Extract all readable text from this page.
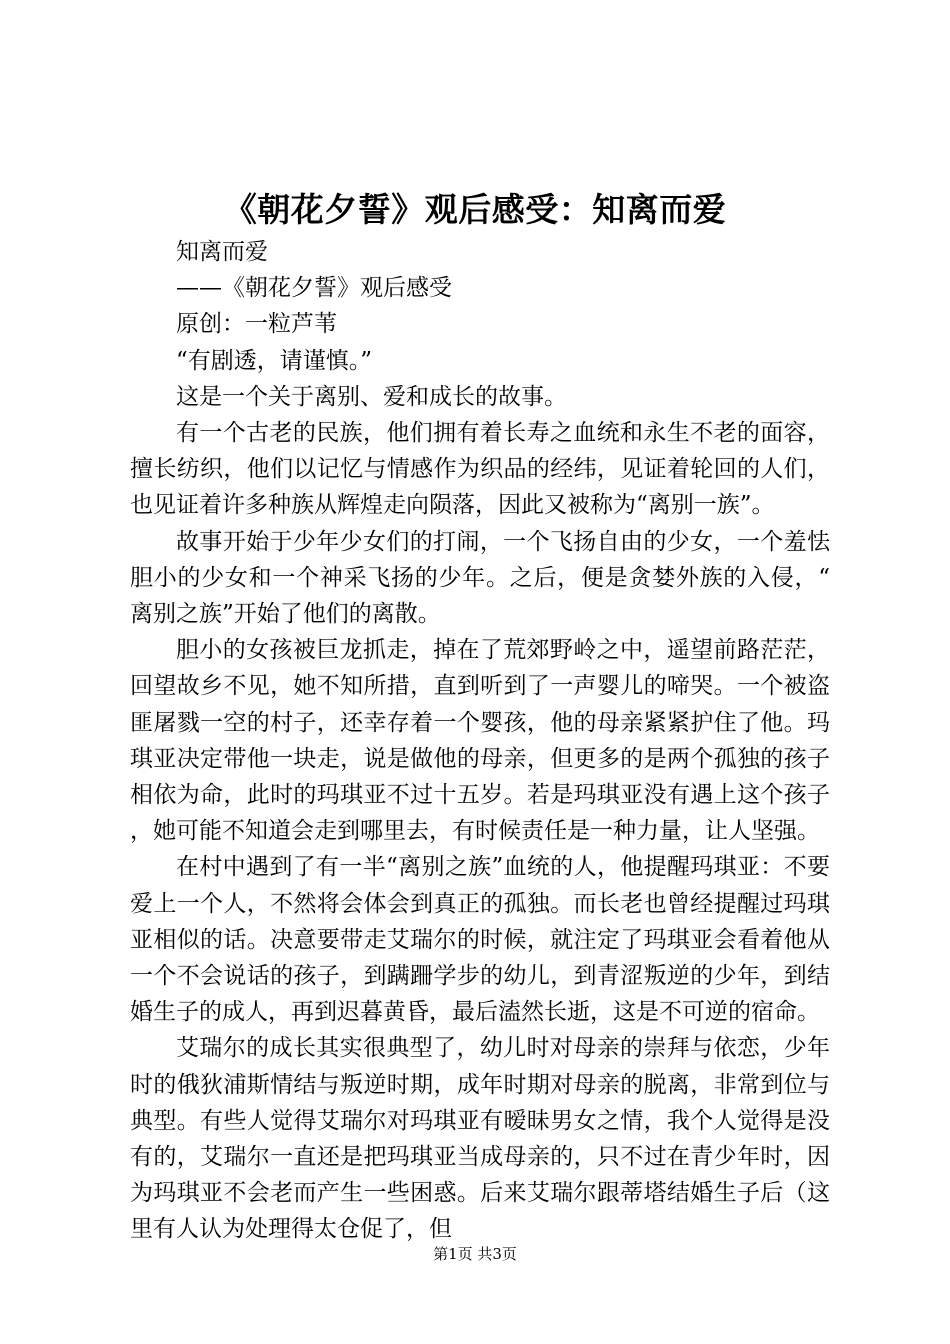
《朝花夕誓》观后感受：知离而爱

知离而爱

——《朝花夕誓》观后感受

原创：一粒芦苇

“有剧透，请谨慎。”

这是一个关于离别、爱和成长的故事。

有一个古老的民族，他们拥有着长寿之血统和永生不老的面容，擅长纺织，他们以记忆与情感作为织品的经纬，见证着轮回的人们，也见证着许多种族从辉煌走向陨落，因此又被称为“离别一族”。

故事开始于少年少女们的打闹，一个飞扬自由的少女，一个羞怯胆小的少女和一个神采飞扬的少年。之后，便是贪婪外族的入侵，“离别之族”开始了他们的离散。

胆小的女孩被巨龙抓走，掉在了荒郊野岭之中，遥望前路茫茫，回望故乡不见，她不知所措，直到听到了一声婴儿的啼哭。一个被盗匪屠戮一空的村子，还幸存着一个婴孩，他的母亲紧紧护住了他。玛琪亚决定带他一块走，说是做他的母亲，但更多的是两个孤独的孩子相依为命，此时的玛琪亚不过十五岁。若是玛琪亚没有遇上这个孩子，她可能不知道会走到哪里去，有时候责任是一种力量，让人坚强。

在村中遇到了有一半“离别之族”血统的人，他提醒玛琪亚：不要爱上一个人，不然将会体会到真正的孤独。而长老也曾经提醒过玛琪亚相似的话。决意要带走艾瑞尔的时候，就注定了玛琪亚会看着他从一个不会说话的孩子，到蹒跚学步的幼儿，到青涩叛逆的少年，到结婚生子的成人，再到迟暮黄昏，最后溘然长逝，这是不可逆的宿命。

艾瑞尔的成长其实很典型了，幼儿时对母亲的崇拜与依恋，少年时的俄狄浦斯情结与叛逆时期，成年时期对母亲的脱离，非常到位与典型。有些人觉得艾瑞尔对玛琪亚有暧昧男女之情，我个人觉得是没有的，艾瑞尔一直还是把玛琪亚当成母亲的，只不过在青少年时，因为玛琪亚不会老而产生一些困惑。后来艾瑞尔跟蒂塔结婚生子后（这里有人认为处理得太仓促了，但

第1页 共3页
